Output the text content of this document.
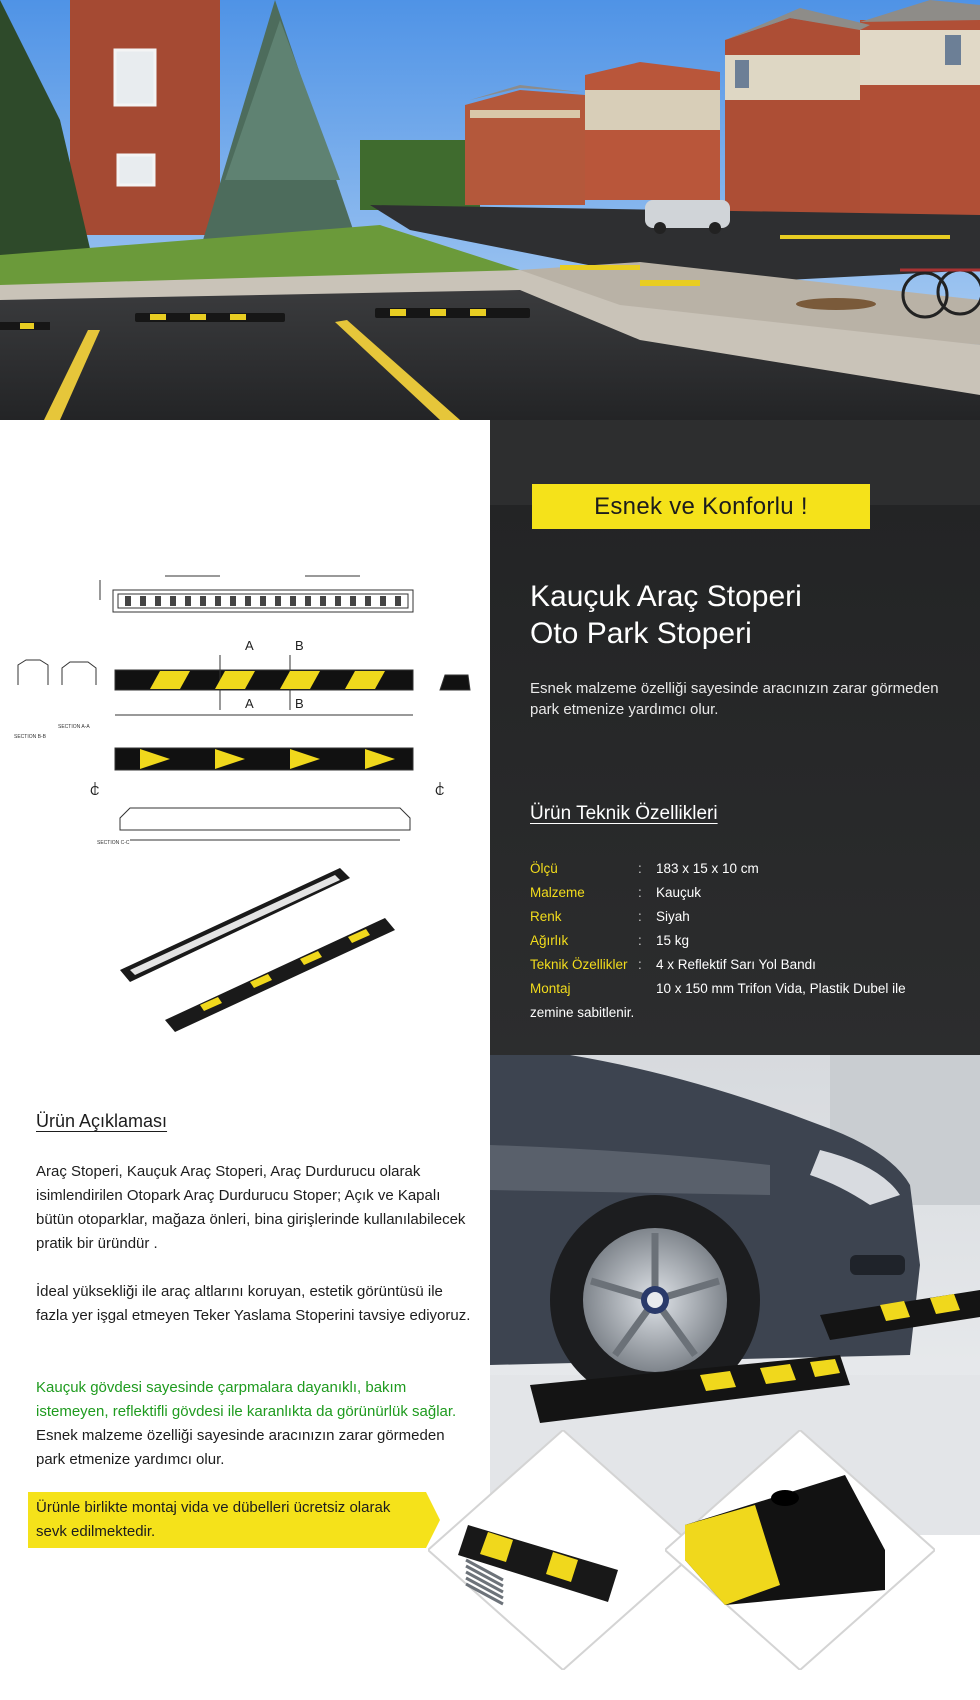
Esnek ve Konforlu !
Kauçuk Araç Stoperi
Oto Park Stoperi
Esnek malzeme özelliği sayesinde aracınızın zarar görmeden park etmenize yardımcı olur.
Ürün Teknik Özellikleri
Ölçü	:	183 x 15 x 10 cm
Malzeme	:	Kauçuk
Renk	:	Siyah
Ağırlık	:	15 kg
Teknik Özellikler :	4 x Reflektif Sarı Yol Bandı
Montaj	10 x 150 mm Trifon Vida, Plastik Dubel ile
zemine sabitlenir.
A	B
A	B
C	C
SECTION B-B
SECTION A-A
SECTION C-C
Ürün Açıklaması

Araç Stoperi, Kauçuk Araç Stoperi, Araç Durdurucu olarak isimlendirilen Otopark Araç Durdurucu Stoper; Açık ve Kapalı bütün otoparklar, mağaza önleri, bina girişlerinde kullanılabilecek pratik bir üründür .

İdeal yüksekliği ile araç altlarını koruyan, estetik görüntüsü ile fazla yer işgal etmeyen Teker Yaslama Stoperini tavsiye ediyoruz.

Kauçuk gövdesi sayesinde çarpmalara dayanıklı, bakım istemeyen, reflektifli gövdesi ile karanlıkta da görünürlük sağlar. Esnek malzeme özelliği sayesinde aracınızın zarar görmeden park etmenize yardımcı olur.

Ürünle birlikte montaj vida ve dübelleri ücretsiz olarak sevk edilmektedir.
